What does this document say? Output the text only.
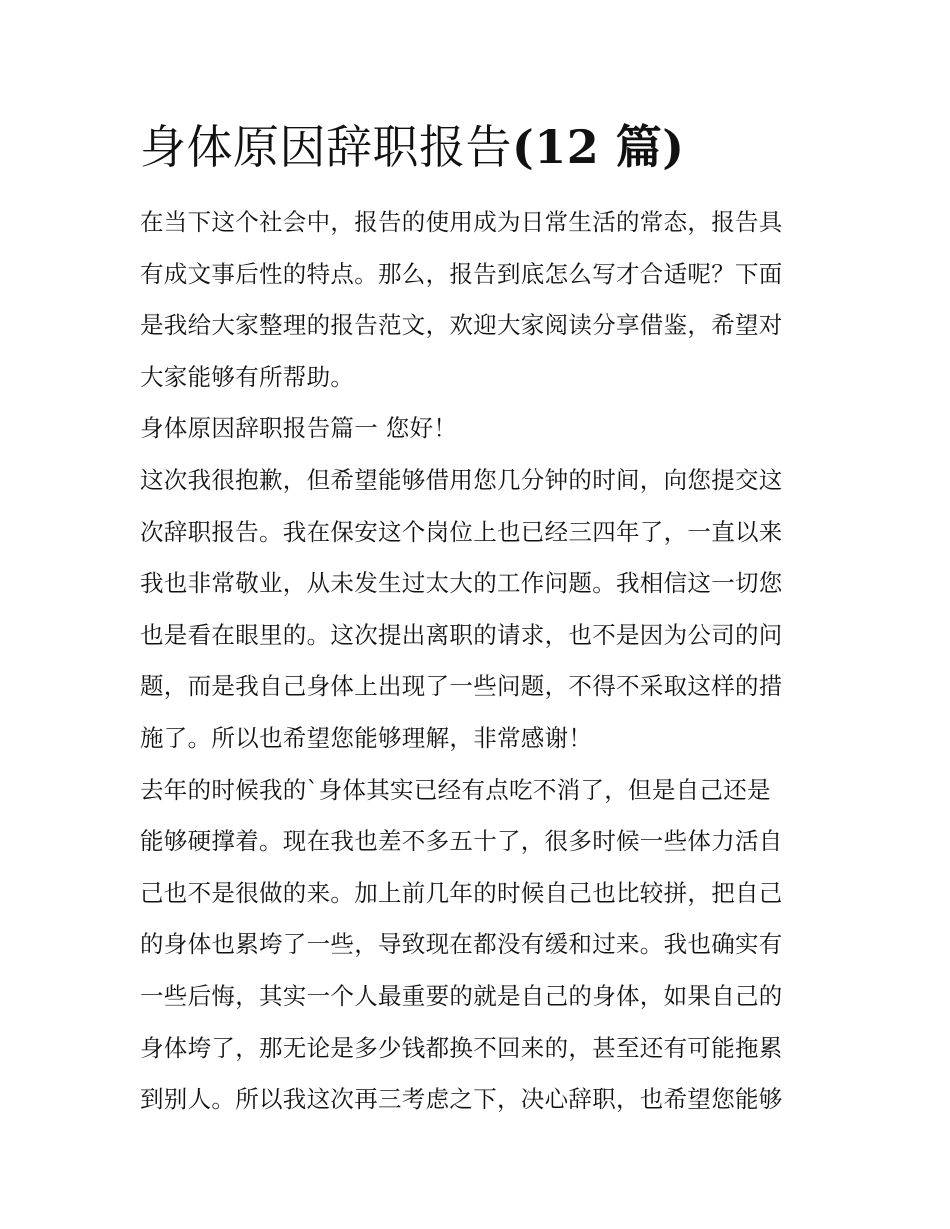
身体原因辞职报告(12 篇)
在当下这个社会中，报告的使用成为日常生活的常态，报告具
有成文事后性的特点。那么，报告到底怎么写才合适呢？下面
是我给大家整理的报告范文，欢迎大家阅读分享借鉴，希望对
大家能够有所帮助。
身体原因辞职报告篇一 您好！
这次我很抱歉，但希望能够借用您几分钟的时间，向您提交这
次辞职报告。我在保安这个岗位上也已经三四年了，一直以来
我也非常敬业，从未发生过太大的工作问题。我相信这一切您
也是看在眼里的。这次提出离职的请求，也不是因为公司的问
题，而是我自己身体上出现了一些问题，不得不采取这样的措
施了。所以也希望您能够理解，非常感谢！
去年的时候我的`身体其实已经有点吃不消了，但是自己还是
能够硬撑着。现在我也差不多五十了，很多时候一些体力活自
己也不是很做的来。加上前几年的时候自己也比较拼，把自己
的身体也累垮了一些，导致现在都没有缓和过来。我也确实有
一些后悔，其实一个人最重要的就是自己的身体，如果自己的
身体垮了，那无论是多少钱都换不回来的，甚至还有可能拖累
到别人。所以我这次再三考虑之下，决心辞职，也希望您能够
